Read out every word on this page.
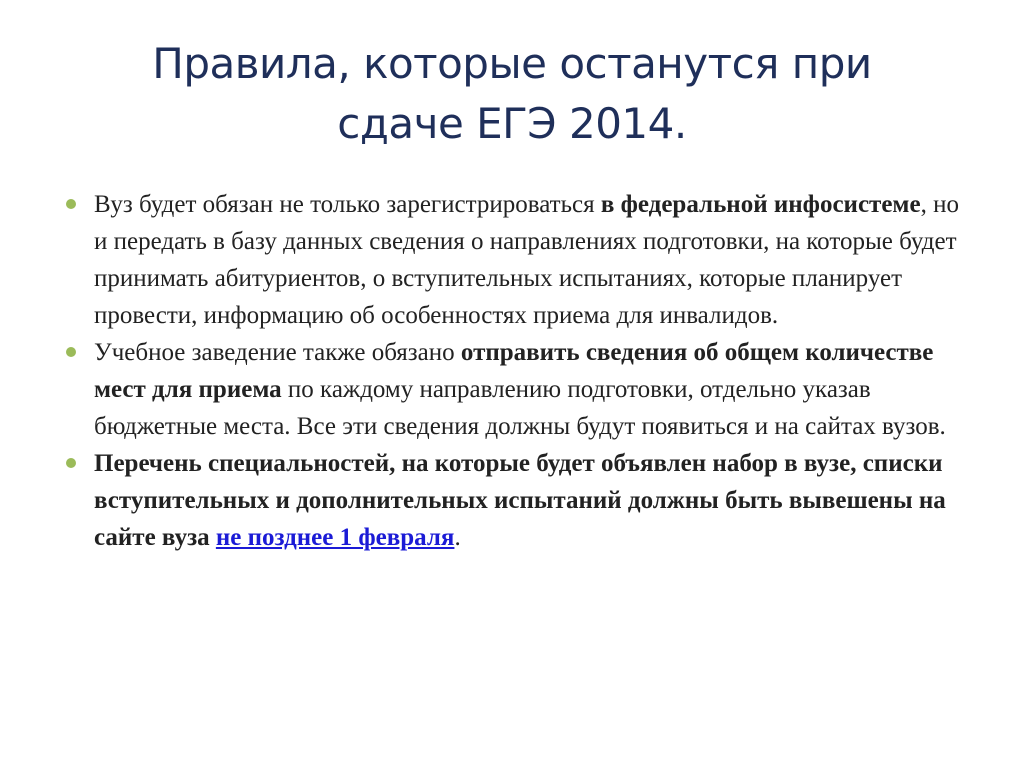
Правила, которые останутся при
сдаче ЕГЭ 2014.
Вуз будет обязан не только зарегистрироваться в федеральной инфосистеме, но и передать в базу данных сведения о направлениях подготовки, на которые будет принимать абитуриентов, о вступительных испытаниях, которые планирует провести, информацию об особенностях приема для инвалидов.
Учебное заведение также обязано отправить сведения об общем количестве мест для приема по каждому направлению подготовки, отдельно указав бюджетные места. Все эти сведения должны будут появиться и на сайтах вузов.
Перечень специальностей, на которые будет объявлен набор в вузе, списки вступительных и дополнительных испытаний должны быть вывешены на сайте вуза не позднее 1 февраля.
